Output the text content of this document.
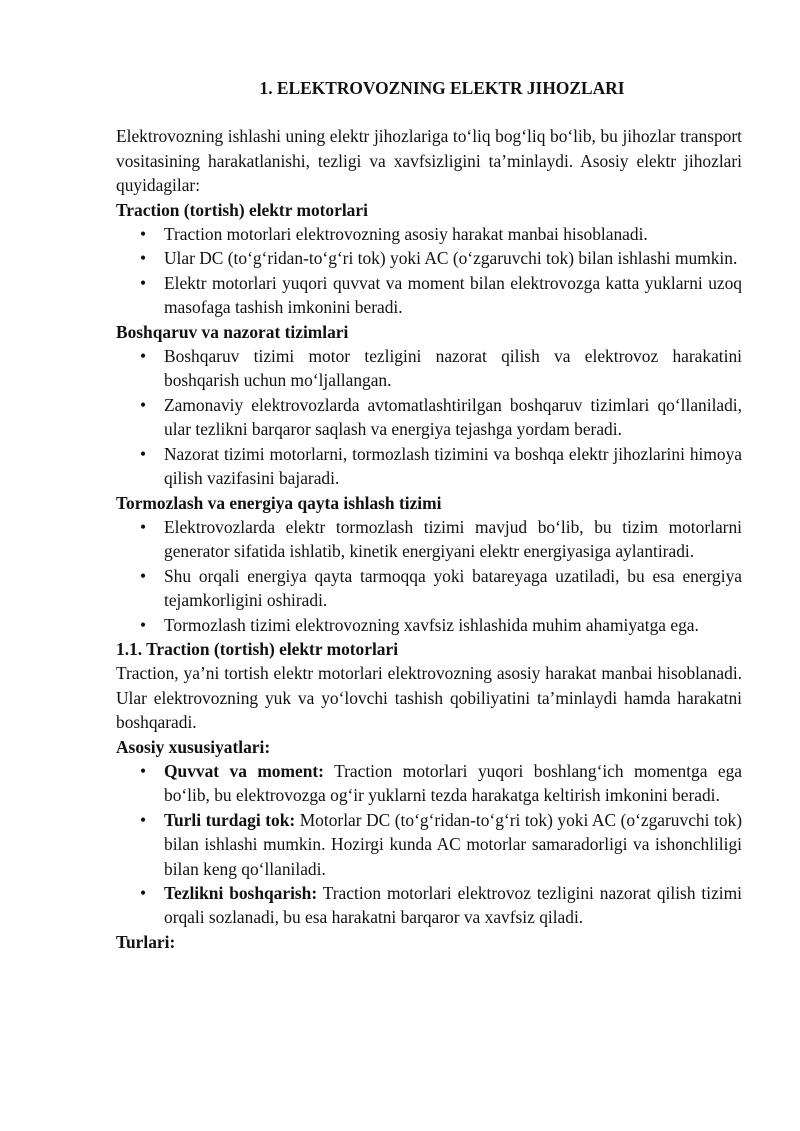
1. ELEKTROVOZNING ELEKTR JIHOZLARI

Elektrovozning ishlashi uning elektr jihozlariga to‘liq bog‘liq bo‘lib, bu jihozlar transport vositasining harakatlanishi, tezligi va xavfsizligini ta’minlaydi. Asosiy elektr jihozlari quyidagilar:

Traction (tortish) elektr motorlari
• Traction motorlari elektrovozning asosiy harakat manbai hisoblanadi.
• Ular DC (to‘g‘ridan-to‘g‘ri tok) yoki AC (o‘zgaruvchi tok) bilan ishlashi mumkin.
• Elektr motorlari yuqori quvvat va moment bilan elektrovozga katta yuklarni uzoq masofaga tashish imkonini beradi.
Boshqaruv va nazorat tizimlari
• Boshqaruv tizimi motor tezligini nazorat qilish va elektrovoz harakatini boshqarish uchun mo‘ljallangan.
• Zamonaviy elektrovozlarda avtomatlashtirilgan boshqaruv tizimlari qo‘llaniladi, ular tezlikni barqaror saqlash va energiya tejashga yordam beradi.
• Nazorat tizimi motorlarni, tormozlash tizimini va boshqa elektr jihozlarini himoya qilish vazifasini bajaradi.
Tormozlash va energiya qayta ishlash tizimi
• Elektrovozlarda elektr tormozlash tizimi mavjud bo‘lib, bu tizim motorlarni generator sifatida ishlatib, kinetik energiyani elektr energiyasiga aylantiradi.
• Shu orqali energiya qayta tarmoqqa yoki batareyaga uzatiladi, bu esa energiya tejamkorligini oshiradi.
• Tormozlash tizimi elektrovozning xavfsiz ishlashida muhim ahamiyatga ega.
1.1. Traction (tortish) elektr motorlari

Traction, ya’ni tortish elektr motorlari elektrovozning asosiy harakat manbai hisoblanadi. Ular elektrovozning yuk va yo‘lovchi tashish qobiliyatini ta’minlaydi hamda harakatni boshqaradi.

Asosiy xususiyatlari:
• Quvvat va moment: Traction motorlari yuqori boshlang‘ich momentga ega bo‘lib, bu elektrovozga og‘ir yuklarni tezda harakatga keltirish imkonini beradi.
• Turli turdagi tok: Motorlar DC (to‘g‘ridan-to‘g‘ri tok) yoki AC (o‘zgaruvchi tok) bilan ishlashi mumkin. Hozirgi kunda AC motorlar samaradorligi va ishonchliligi bilan keng qo‘llaniladi.
• Tezlikni boshqarish: Traction motorlari elektrovoz tezligini nazorat qilish tizimi orqali sozlanadi, bu esa harakatni barqaror va xavfsiz qiladi.
Turlari:
